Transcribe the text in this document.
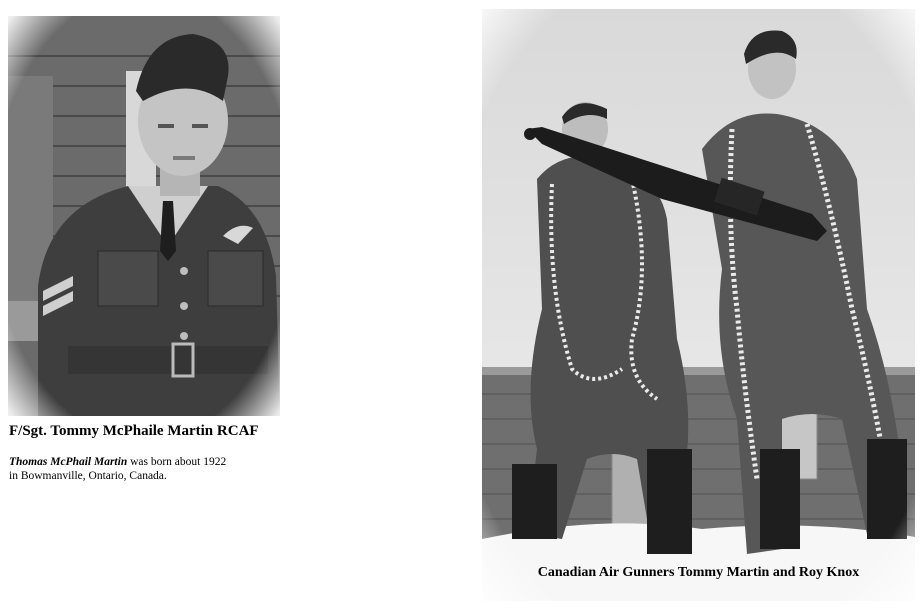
F/Sgt. Tommy McPhaile Martin RCAF
Thomas McPhail Martin was born about 1922
in Bowmanville, Ontario, Canada.
Canadian Air Gunners Tommy Martin and Roy Knox
